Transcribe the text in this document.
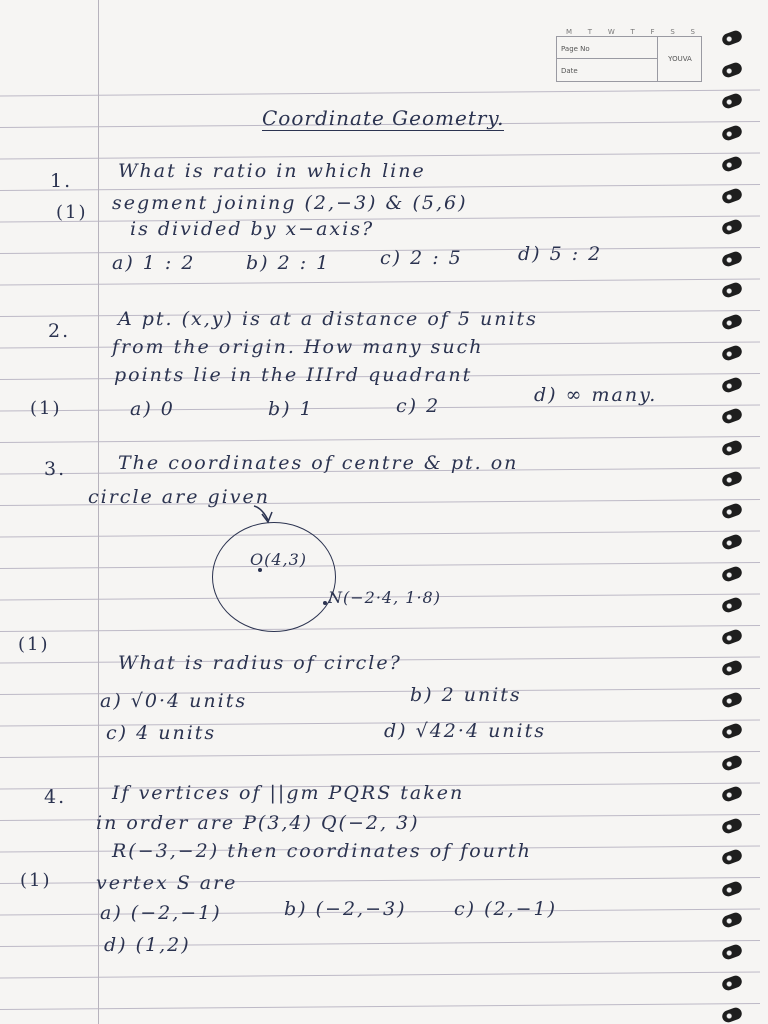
M T W T F S S
Page No
Date
YOUVA
Coordinate Geometry.
1.
(1)
What is ratio in which line
segment joining (2,−3) & (5,6)
is divided by x−axis?
a) 1 : 2	b) 2 : 1	c) 2 : 5	d) 5 : 2
2.
(1)
A pt. (x,y) is at a distance of 5 units
from the origin. How many such
points lie in the IIIrd quadrant
a) 0	b) 1	c) 2	d) ∞ many.
3.
(1)
The coordinates of centre & pt. on
circle are given
O(4,3)
N(−2·4, 1·8)
What is radius of circle?
a) √0·4 units	b) 2 units
c) 4 units	d) √42·4 units
4.
(1)
If vertices of ||gm PQRS taken
in order are P(3,4) Q(−2, 3)
R(−3,−2) then coordinates of fourth
vertex S are
a) (−2,−1)	b) (−2,−3)	c) (2,−1)
d) (1,2)
